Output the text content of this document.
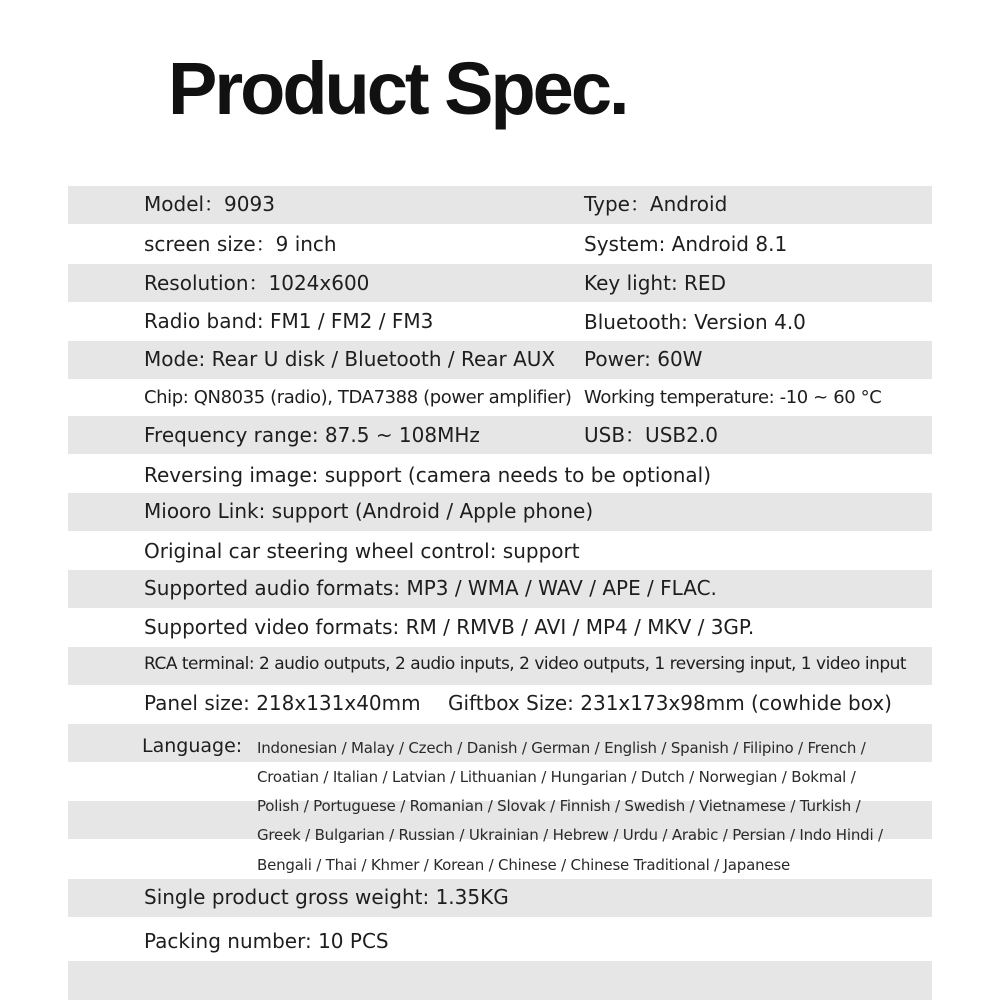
Product Spec.
Model：9093	Type：Android
screen size：9 inch	System: Android 8.1
Resolution：1024x600	Key light: RED
Radio band: FM1 / FM2 / FM3	Bluetooth: Version 4.0
Mode: Rear U disk / Bluetooth / Rear AUX Power: 60W
Chip: QN8035 (radio), TDA7388 (power amplifier) Working temperature: -10 ~ 60 °C
Frequency range: 87.5 ~ 108MHz	USB：USB2.0
Reversing image: support (camera needs to be optional)
Miooro Link: support (Android / Apple phone)
Original car steering wheel control: support
Supported audio formats: MP3 / WMA / WAV / APE / FLAC.
Supported video formats: RM / RMVB / AVI / MP4 / MKV / 3GP.
RCA terminal: 2 audio outputs, 2 audio inputs, 2 video outputs, 1 reversing input, 1 video input
Panel size: 218x131x40mm Giftbox Size: 231x173x98mm (cowhide box)
Language: Indonesian / Malay / Czech / Danish / German / English / Spanish / Filipino / French /
Croatian / Italian / Latvian / Lithuanian / Hungarian / Dutch / Norwegian / Bokmal /
Polish / Portuguese / Romanian / Slovak / Finnish / Swedish / Vietnamese / Turkish /
Greek / Bulgarian / Russian / Ukrainian / Hebrew / Urdu / Arabic / Persian / Indo Hindi /
Bengali / Thai / Khmer / Korean / Chinese / Chinese Traditional / Japanese
Single product gross weight: 1.35KG
Packing number: 10 PCS
